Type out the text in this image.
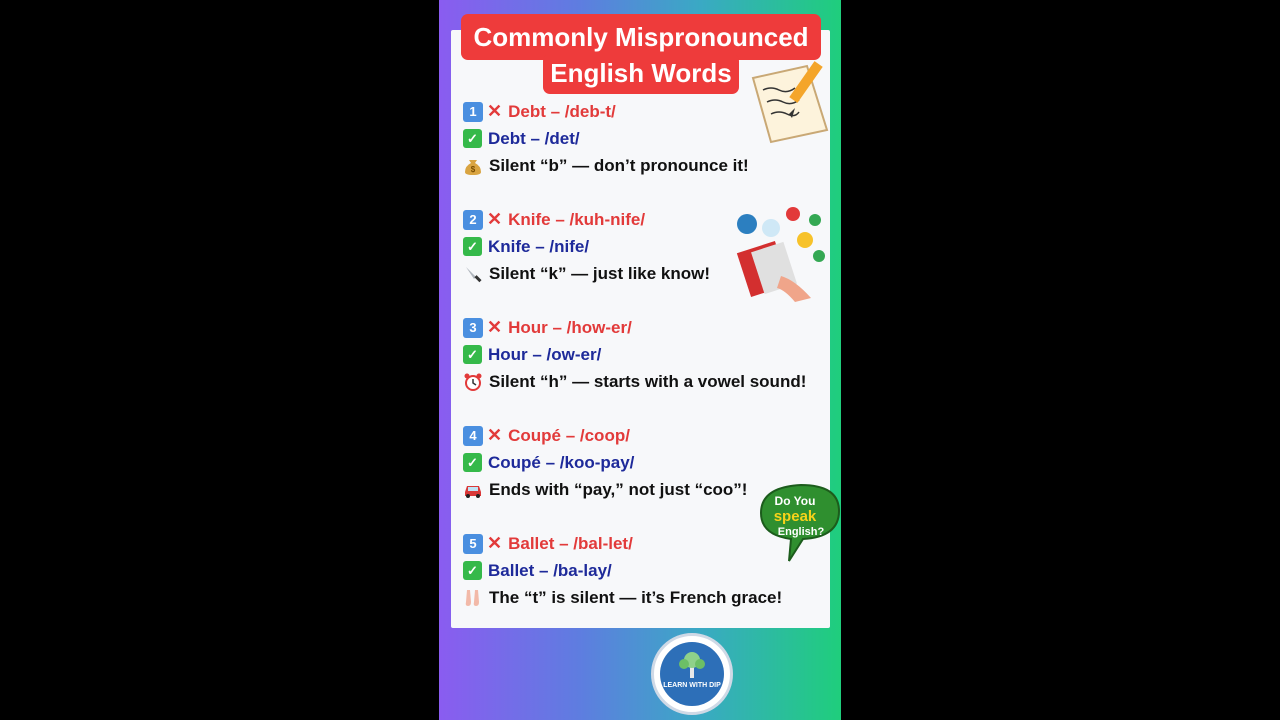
Commonly Mispronounced
English Words
Do You
speak
English?
1 ✕ Debt – /deb-t/
✓ Debt – /det/
$ Silent “b” — don’t pronounce it!
2 ✕ Knife – /kuh-nife/
✓ Knife – /nife/
Silent “k” — just like know!
3 ✕ Hour – /how-er/
✓ Hour – /ow-er/
Silent “h” — starts with a vowel sound!
4 ✕ Coupé – /coop/
✓ Coupé – /koo-pay/
Ends with “pay,” not just “coo”!
5 ✕ Ballet – /bal-let/
✓ Ballet – /ba-lay/
The “t” is silent — it’s French grace!
LEARN WITH DIP
